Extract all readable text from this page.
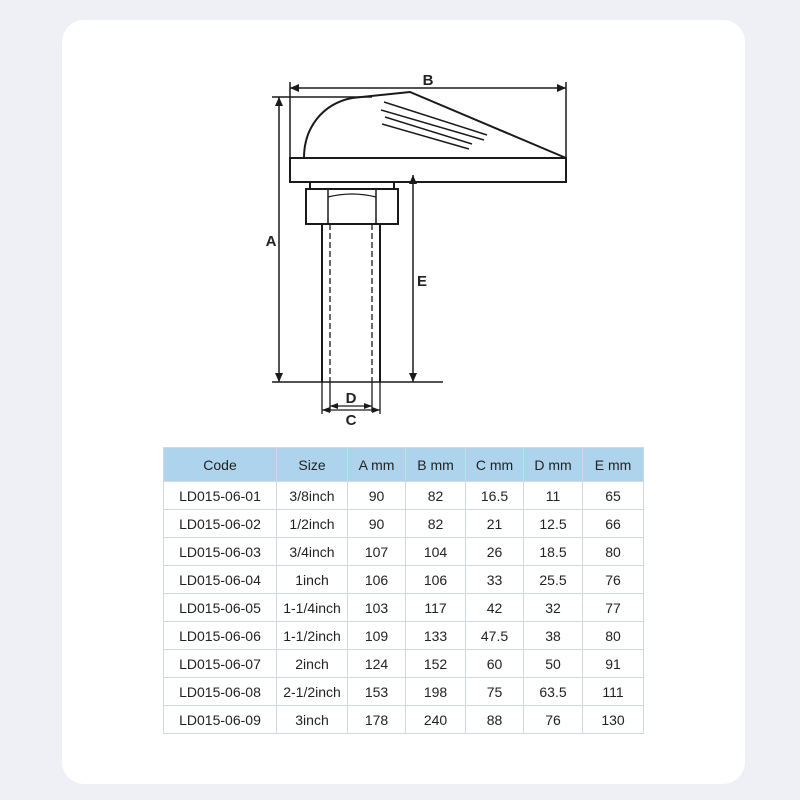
B
A
E
D
C
Code	Size	A mm	B mm	C mm	D mm	E mm
LD015-06-01	3/8inch	90	82	16.5	11	65
LD015-06-02	1/2inch	90	82	21	12.5	66
LD015-06-03	3/4inch	107	104	26	18.5	80
LD015-06-04	1inch	106	106	33	25.5	76
LD015-06-05	1-1/4inch	103	117	42	32	77
LD015-06-06	1-1/2inch	109	133	47.5	38	80
LD015-06-07	2inch	124	152	60	50	91
LD015-06-08	2-1/2inch	153	198	75	63.5	111
LD015-06-09	3inch	178	240	88	76	130
